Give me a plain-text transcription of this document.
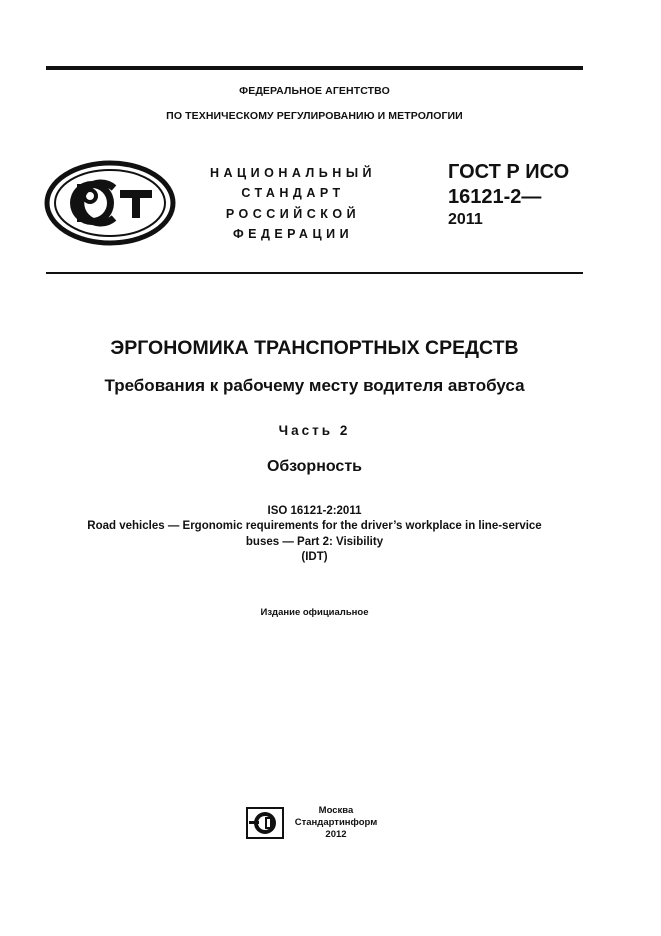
ФЕДЕРАЛЬНОЕ АГЕНТСТВО
ПО ТЕХНИЧЕСКОМУ РЕГУЛИРОВАНИЮ И МЕТРОЛОГИИ
НАЦИОНАЛЬНЫЙ
СТАНДАРТ
РОССИЙСКОЙ
ФЕДЕРАЦИИ
ГОСТ Р ИСО
16121-2—
2011
ЭРГОНОМИКА ТРАНСПОРТНЫХ СРЕДСТВ
Требования к рабочему месту водителя автобуса
Часть 2
Обзорность
ISO 16121-2:2011
Road vehicles — Ergonomic requirements for the driver’s workplace in line-service
buses — Part 2: Visibility
(IDT)
Издание официальное
Москва
Стандартинформ
2012
